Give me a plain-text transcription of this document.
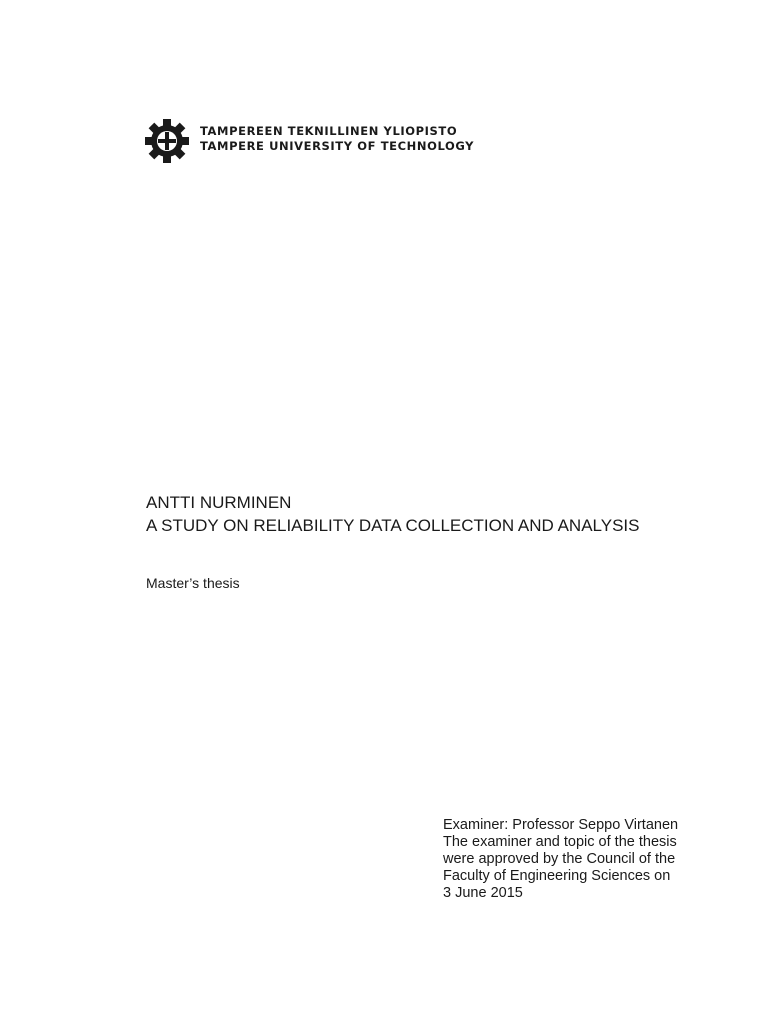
TAMPEREEN TEKNILLINEN YLIOPISTO
TAMPERE UNIVERSITY OF TECHNOLOGY
ANTTI NURMINEN
A STUDY ON RELIABILITY DATA COLLECTION AND ANALYSIS
Master’s thesis
Examiner: Professor Seppo Virtanen
The examiner and topic of the thesis
were approved by the Council of the
Faculty of Engineering Sciences on
3 June 2015
